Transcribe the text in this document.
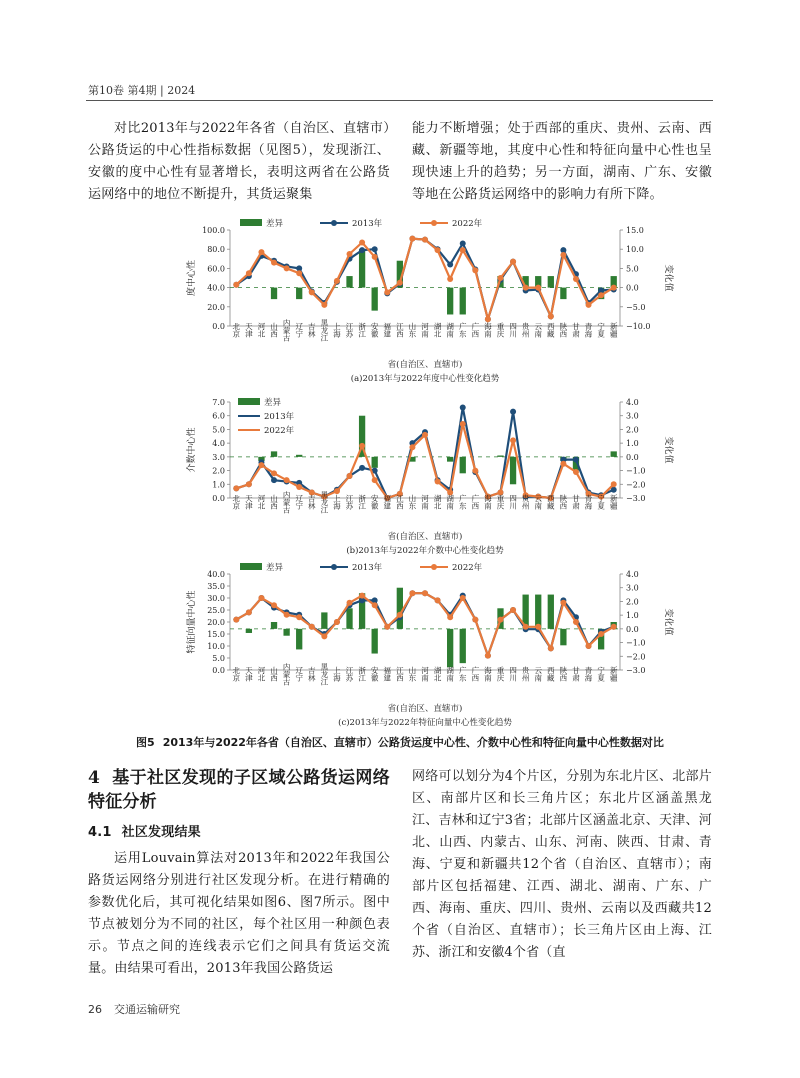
第10卷 第4期 | 2024

对比2013年与2022年各省（自治区、直辖市）公路货运的中心性指标数据（见图5），发现浙江、安徽的度中心性有显著增长，表明这两省在公路货运网络中的地位不断提升，其货运聚集

能力不断增强；处于西部的重庆、贵州、云南、西藏、新疆等地，其度中心性和特征向量中心性也呈现快速上升的趋势；另一方面，湖南、广东、安徽等地在公路货运网络中的影响力有所下降。

0.0
20.0
40.0
60.0
80.0
100.0
−10.0
−5.0
0.0
5.0
10.0
15.0
度中心性	变化值
北京 天津 河北 山西 内蒙古 辽宁 吉林 黑龙江 上海 江苏 浙江 安徽 福建 江西 山东 河南 湖北 湖南 广东 广西 海南 重庆 四川 贵州 云南 西藏 陕西 甘肃 青海 宁夏 新疆
省(自治区、直辖市)
(a)2013年与2022年度中心性变化趋势
差异	2013年	2022年
0.0
1.0
2.0
3.0
4.0
5.0
6.0
7.0
−3.0
−2.0
−1.0
0.0
1.0
2.0
3.0
4.0
介数中心性	变化值
北京 天津 河北 山西 内蒙古 辽宁 吉林 黑龙江 上海 江苏 浙江 安徽 福建 江西 山东 河南 湖北 湖南 广东 广西 海南 重庆 四川 贵州 云南 西藏 陕西 甘肃 青海 宁夏 新疆
省(自治区、直辖市)
(b)2013年与2022年介数中心性变化趋势
差异
2013年
2022年
0.0
5.0
10.0
15.0
20.0
25.0
30.0
35.0
40.0
−3.0
−2.0
−1.0
0.0
1.0
2.0
3.0
4.0
特征向量中心性	变化值
北京 天津 河北 山西 内蒙古 辽宁 吉林 黑龙江 上海 江苏 浙江 安徽 福建 江西 山东 河南 湖北 湖南 广东 广西 海南 重庆 四川 贵州 云南 西藏 陕西 甘肃 青海 宁夏 新疆
省(自治区、直辖市)
(c)2013年与2022年特征向量中心性变化趋势
差异	2013年	2022年
图5 2013年与2022年各省（自治区、直辖市）公路货运度中心性、介数中心性和特征向量中心性数据对比
4 基于社区发现的子区域公路货运网络特征分析
4.1 社区发现结果

运用Louvain算法对2013年和2022年我国公路货运网络分别进行社区发现分析。在进行精确的参数优化后，其可视化结果如图6、图7所示。图中节点被划分为不同的社区，每个社区用一种颜色表示。节点之间的连线表示它们之间具有货运交流量。由结果可看出，2013年我国公路货运

网络可以划分为4个片区，分别为东北片区、北部片区、南部片区和长三角片区；东北片区涵盖黑龙江、吉林和辽宁3省；北部片区涵盖北京、天津、河北、山西、内蒙古、山东、河南、陕西、甘肃、青海、宁夏和新疆共12个省（自治区、直辖市）；南部片区包括福建、江西、湖北、湖南、广东、广西、海南、重庆、四川、贵州、云南以及西藏共12个省（自治区、直辖市）；长三角片区由上海、江苏、浙江和安徽4个省（直

26 交通运输研究
